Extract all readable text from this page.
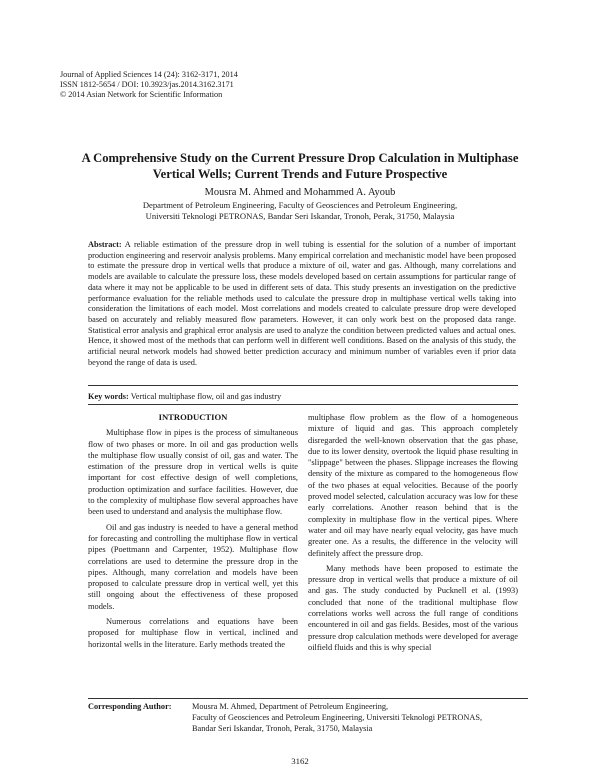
Journal of Applied Sciences 14 (24): 3162-3171, 2014
ISSN 1812-5654 / DOI: 10.3923/jas.2014.3162.3171
© 2014 Asian Network for Scientific Information
A Comprehensive Study on the Current Pressure Drop Calculation in Multiphase
Vertical Wells; Current Trends and Future Prospective
Mousra M. Ahmed and Mohammed A. Ayoub
Department of Petroleum Engineering, Faculty of Geosciences and Petroleum Engineering,
Universiti Teknologi PETRONAS, Bandar Seri Iskandar, Tronoh, Perak, 31750, Malaysia
Abstract: A reliable estimation of the pressure drop in well tubing is essential for the solution of a number of important production engineering and reservoir analysis problems. Many empirical correlation and mechanistic model have been proposed to estimate the pressure drop in vertical wells that produce a mixture of oil, water and gas. Although, many correlations and models are available to calculate the pressure loss, these models developed based on certain assumptions for particular range of data where it may not be applicable to be used in different sets of data. This study presents an investigation on the predictive performance evaluation for the reliable methods used to calculate the pressure drop in multiphase vertical wells taking into consideration the limitations of each model. Most correlations and models created to calculate pressure drop were developed based on accurately and reliably measured flow parameters. However, it can only work best on the proposed data range. Statistical error analysis and graphical error analysis are used to analyze the condition between predicted values and actual ones. Hence, it showed most of the methods that can perform well in different well conditions. Based on the analysis of this study, the artificial neural network models had showed better prediction accuracy and minimum number of variables even if prior data beyond the range of data is used.
Key words: Vertical multiphase flow, oil and gas industry

INTRODUCTION

Multiphase flow in pipes is the process of simultaneous flow of two phases or more. In oil and gas production wells the multiphase flow usually consist of oil, gas and water. The estimation of the pressure drop in vertical wells is quite important for cost effective design of well completions, production optimization and surface facilities. However, due to the complexity of multiphase flow several approaches have been used to understand and analysis the multiphase flow.

Oil and gas industry is needed to have a general method for forecasting and controlling the multiphase flow in vertical pipes (Poettmann and Carpenter, 1952). Multiphase flow correlations are used to determine the pressure drop in the pipes. Although, many correlation and models have been proposed to calculate pressure drop in vertical well, yet this still ongoing about the effectiveness of these proposed models.

Numerous correlations and equations have been proposed for multiphase flow in vertical, inclined and horizontal wells in the literature. Early methods treated the

multiphase flow problem as the flow of a homogeneous mixture of liquid and gas. This approach completely disregarded the well-known observation that the gas phase, due to its lower density, overtook the liquid phase resulting in "slippage" between the phases. Slippage increases the flowing density of the mixture as compared to the homogeneous flow of the two phases at equal velocities. Because of the poorly proved model selected, calculation accuracy was low for these early correlations. Another reason behind that is the complexity in multiphase flow in the vertical pipes. Where water and oil may have nearly equal velocity, gas have much greater one. As a results, the difference in the velocity will definitely affect the pressure drop.

Many methods have been proposed to estimate the pressure drop in vertical wells that produce a mixture of oil and gas. The study conducted by Pucknell et al. (1993) concluded that none of the traditional multiphase flow correlations works well across the full range of conditions encountered in oil and gas fields. Besides, most of the various pressure drop calculation methods were developed for average oilfield fluids and this is why special

Corresponding Author: Mousra M. Ahmed, Department of Petroleum Engineering,
Faculty of Geosciences and Petroleum Engineering, Universiti Teknologi PETRONAS,
Bandar Seri Iskandar, Tronoh, Perak, 31750, Malaysia
3162
